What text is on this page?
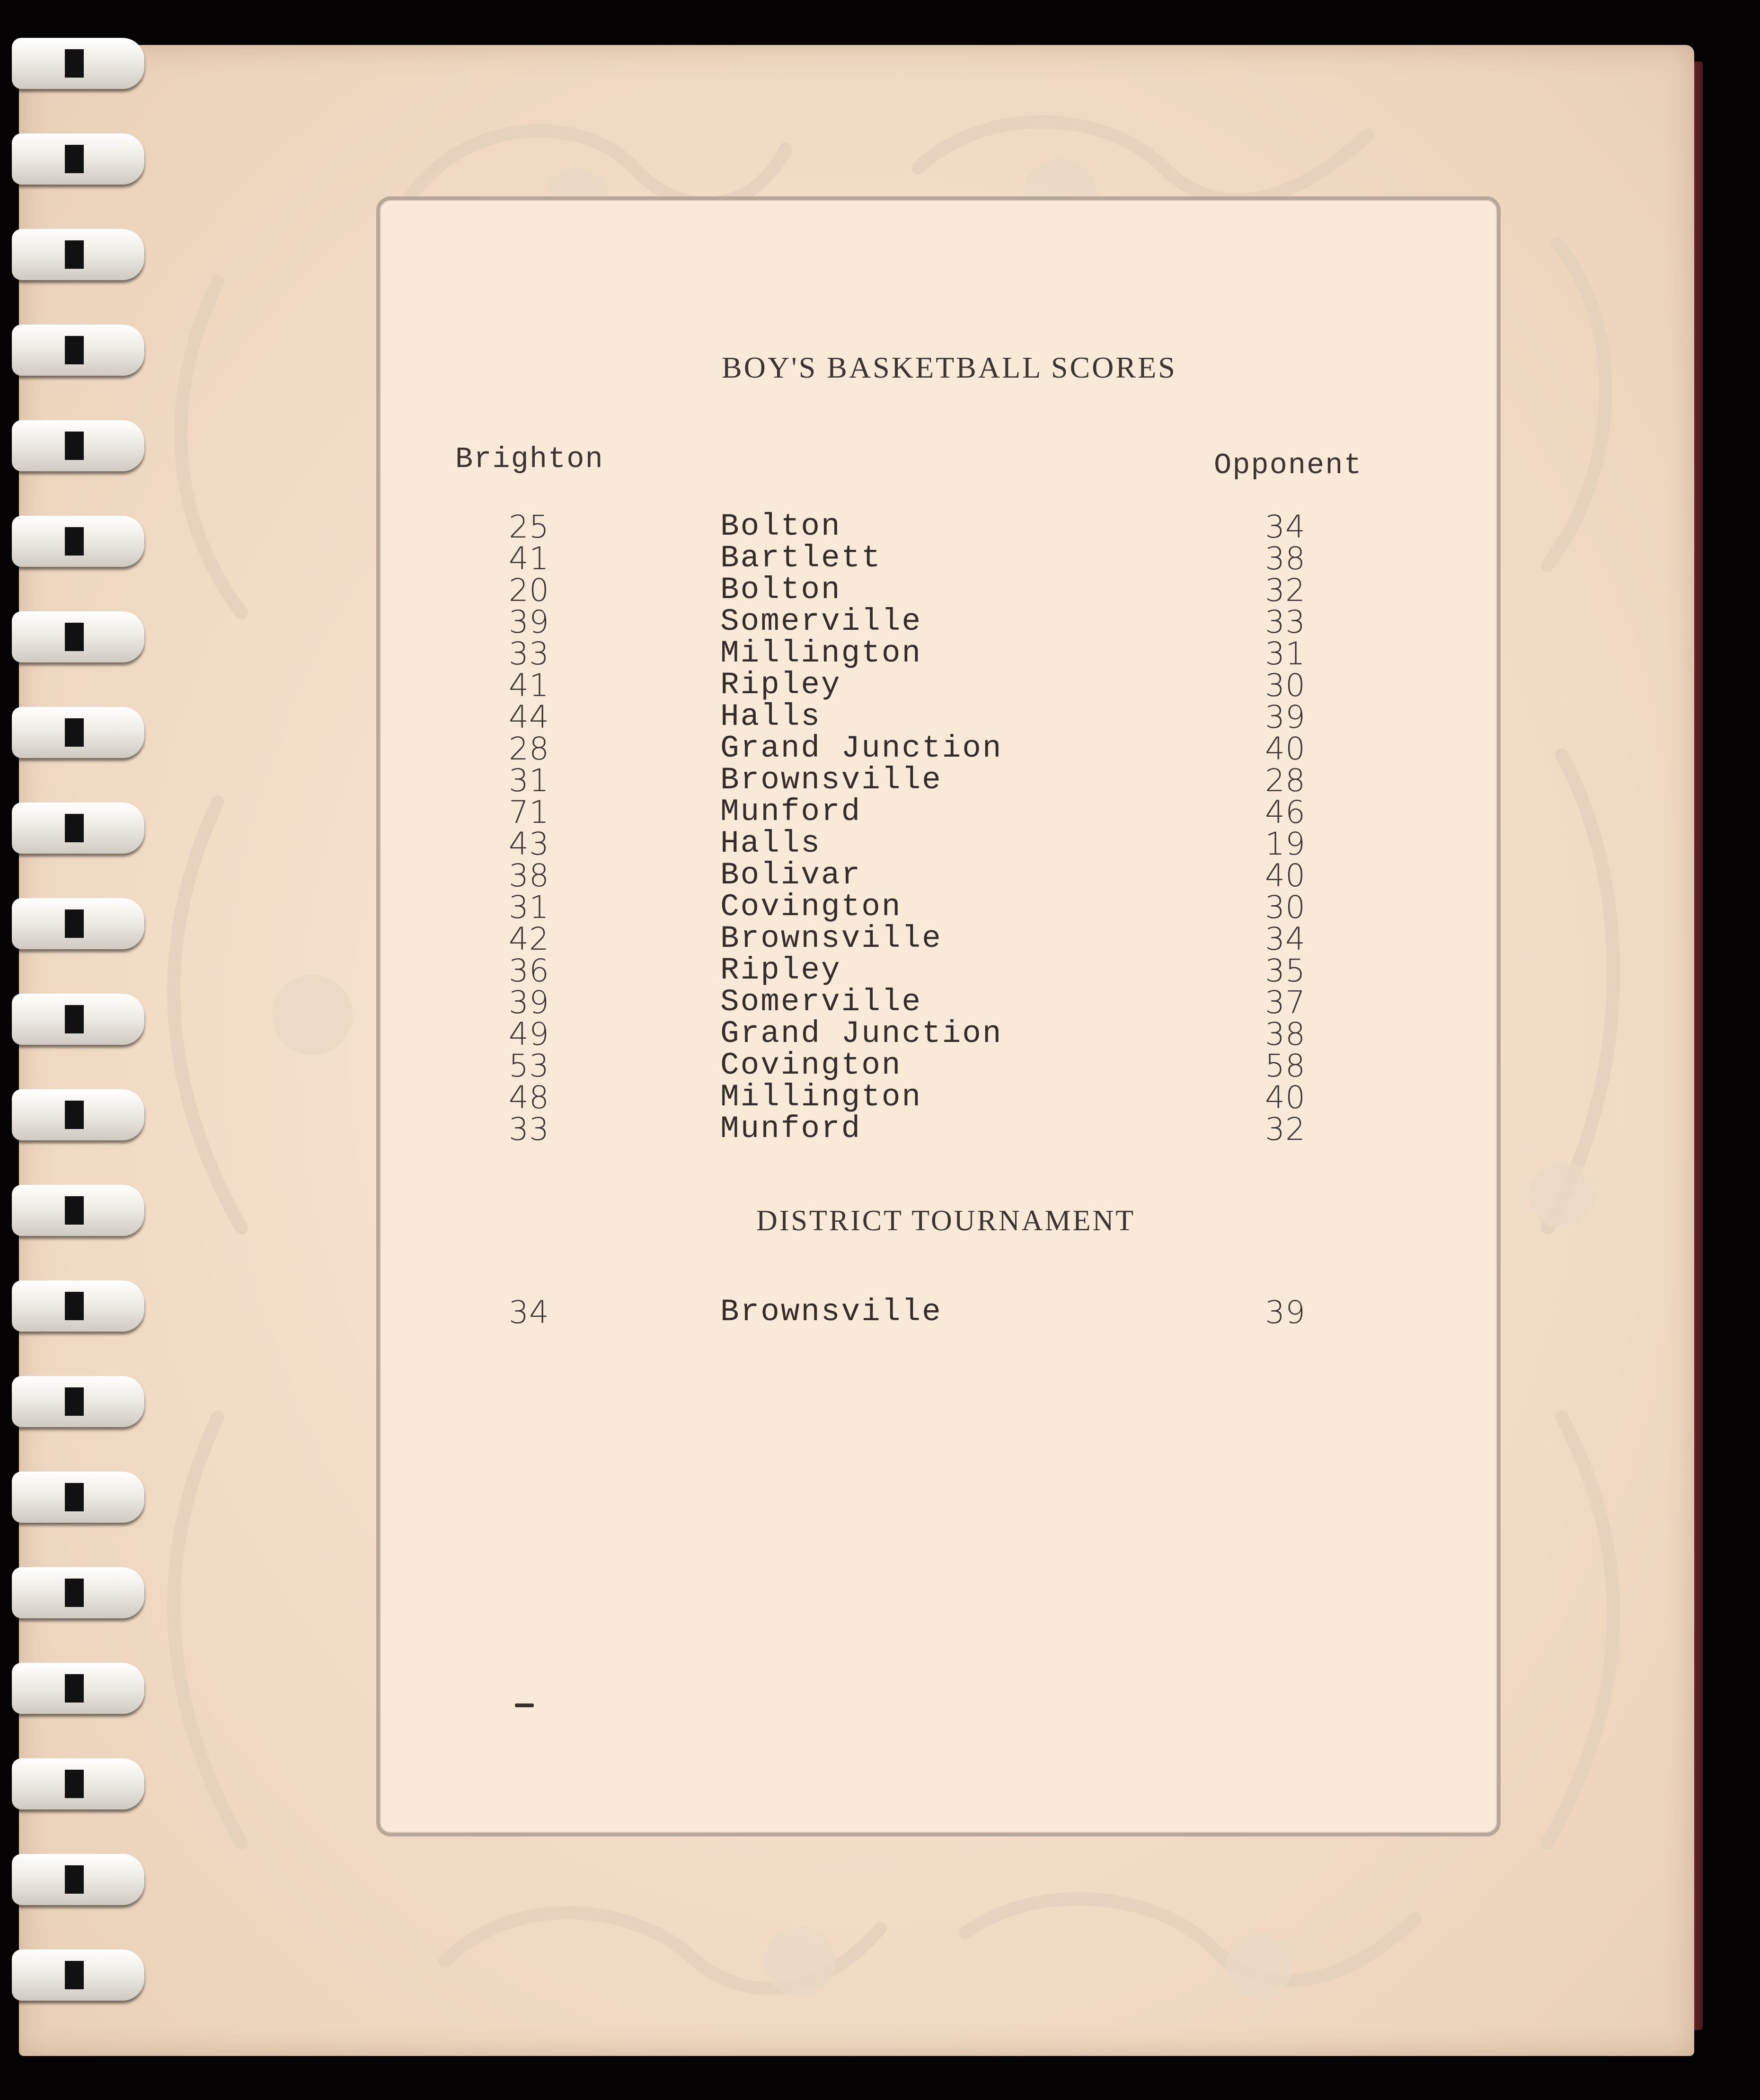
BOY'S BASKETBALL SCORES
Brighton	Opponent
25	Bolton	34
41	Bartlett	38
20	Bolton	32
39	Somerville	33
33	Millington	31
41	Ripley	30
44	Halls	39
28	Grand Junction	40
31	Brownsville	28
71	Munford	46
43	Halls	19
38	Bolivar	40
31	Covington	30
42	Brownsville	34
36	Ripley	35
39	Somerville	37
49	Grand Junction	38
53	Covington	58
48	Millington	40
33	Munford	32
DISTRICT TOURNAMENT
34	Brownsville	39
